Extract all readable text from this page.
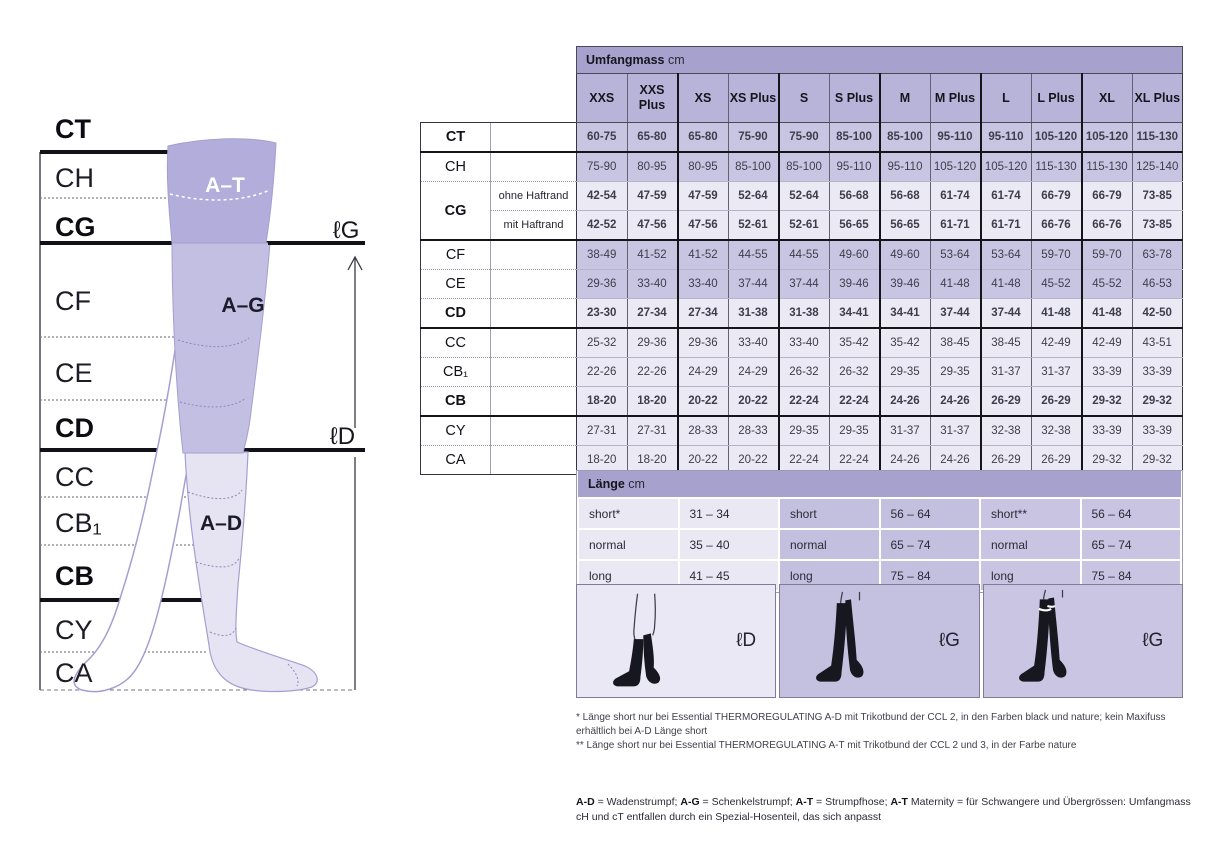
CT
CH
CG
CF
CE
CD
CC
CB₁
CB
CY
CA
A–T
A–G
A–D
ℓG
ℓD
		Umfangmass cm											
		XXS	XXS Plus	XS	XS Plus	S	S Plus	M	M Plus	L	L Plus	XL	XL Plus
CT		60-75	65-80	65-80	75-90	75-90	85-100	85-100	95-110	95-110	105-120	105-120	115-130
CH		75-90	80-95	80-95	85-100	85-100	95-110	95-110	105-120	105-120	115-130	115-130	125-140
CG	ohne Haftrand	42-54	47-59	47-59	52-64	52-64	56-68	56-68	61-74	61-74	66-79	66-79	73-85
	mit Haftrand	42-52	47-56	47-56	52-61	52-61	56-65	56-65	61-71	61-71	66-76	66-76	73-85
CF		38-49	41-52	41-52	44-55	44-55	49-60	49-60	53-64	53-64	59-70	59-70	63-78
CE		29-36	33-40	33-40	37-44	37-44	39-46	39-46	41-48	41-48	45-52	45-52	46-53
CD		23-30	27-34	27-34	31-38	31-38	34-41	34-41	37-44	37-44	41-48	41-48	42-50
CC		25-32	29-36	29-36	33-40	33-40	35-42	35-42	38-45	38-45	42-49	42-49	43-51
CB₁		22-26	22-26	24-29	24-29	26-32	26-32	29-35	29-35	31-37	31-37	33-39	33-39
CB		18-20	18-20	20-22	20-22	22-24	22-24	24-26	24-26	26-29	26-29	29-32	29-32
CY		27-31	27-31	28-33	28-33	29-35	29-35	31-37	31-37	32-38	32-38	33-39	33-39
CA		18-20	18-20	20-22	20-22	22-24	22-24	24-26	24-26	26-29	26-29	29-32	29-32
Länge cm					
short*	31 – 34	short	56 – 64	short**	56 – 64
normal	35 – 40	normal	65 – 74	normal	65 – 74
long	41 – 45	long	75 – 84	long	75 – 84
ℓD	ℓG	ℓG
* Länge short nur bei Essential THERMOREGULATING A-D mit Trikotbund der CCL 2, in den Farben black und nature; kein Maxifuss erhältlich bei A-D Länge short
** Länge short nur bei Essential THERMOREGULATING A-T mit Trikotbund der CCL 2 und 3, in der Farbe nature
A-D = Wadenstrumpf; A-G = Schenkelstrumpf; A-T = Strumpfhose; A-T Maternity = für Schwangere und Übergrössen: Umfangmass cH und cT entfallen durch ein Spezial-Hosenteil, das sich anpasst
